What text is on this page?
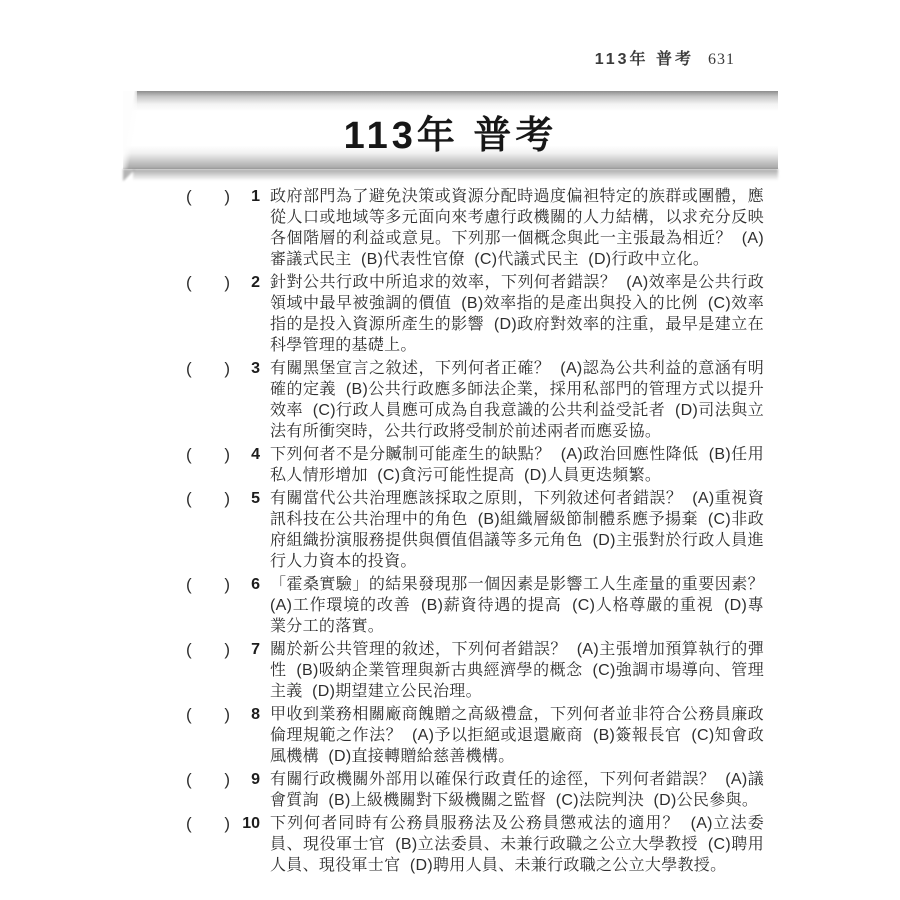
113年 普考 631
113年 普考
( )	1 政府部門為了避免決策或資源分配時過度偏袒特定的族群或團體，應從人口或地域等多元面向來考慮行政機關的人力結構，以求充分反映各個階層的利益或意見。下列那一個概念與此一主張最為相近？  (A)審議式民主  (B)代表性官僚  (C)代議式民主  (D)行政中立化。
( )	2 針對公共行政中所追求的效率，下列何者錯誤？  (A)效率是公共行政領域中最早被強調的價值  (B)效率指的是產出與投入的比例  (C)效率指的是投入資源所產生的影響  (D)政府對效率的注重，最早是建立在科學管理的基礎上。
( )	3 有關黑堡宣言之敘述，下列何者正確？  (A)認為公共利益的意涵有明確的定義  (B)公共行政應多師法企業，採用私部門的管理方式以提升效率  (C)行政人員應可成為自我意識的公共利益受託者  (D)司法與立法有所衝突時，公共行政將受制於前述兩者而應妥協。
( )	4 下列何者不是分贓制可能產生的缺點？  (A)政治回應性降低  (B)任用私人情形增加  (C)貪污可能性提高  (D)人員更迭頻繁。
( )	5 有關當代公共治理應該採取之原則，下列敘述何者錯誤？  (A)重視資訊科技在公共治理中的角色  (B)組織層級節制體系應予揚棄  (C)非政府組織扮演服務提供與價值倡議等多元角色  (D)主張對於行政人員進行人力資本的投資。
( )	6 「霍桑實驗」的結果發現那一個因素是影響工人生產量的重要因素？  (A)工作環境的改善  (B)薪資待遇的提高  (C)人格尊嚴的重視  (D)專業分工的落實。
( )	7 關於新公共管理的敘述，下列何者錯誤？  (A)主張增加預算執行的彈性  (B)吸納企業管理與新古典經濟學的概念  (C)強調市場導向、管理主義  (D)期望建立公民治理。
( )	8 甲收到業務相關廠商餽贈之高級禮盒，下列何者並非符合公務員廉政倫理規範之作法？  (A)予以拒絕或退還廠商  (B)簽報長官  (C)知會政風機構  (D)直接轉贈給慈善機構。
( )	9 有關行政機關外部用以確保行政責任的途徑，下列何者錯誤？  (A)議會質詢  (B)上級機關對下級機關之監督  (C)法院判決  (D)公民參與。
( ) 10 下列何者同時有公務員服務法及公務員懲戒法的適用？  (A)立法委員、現役軍士官  (B)立法委員、未兼行政職之公立大學教授  (C)聘用人員、現役軍士官  (D)聘用人員、未兼行政職之公立大學教授。
